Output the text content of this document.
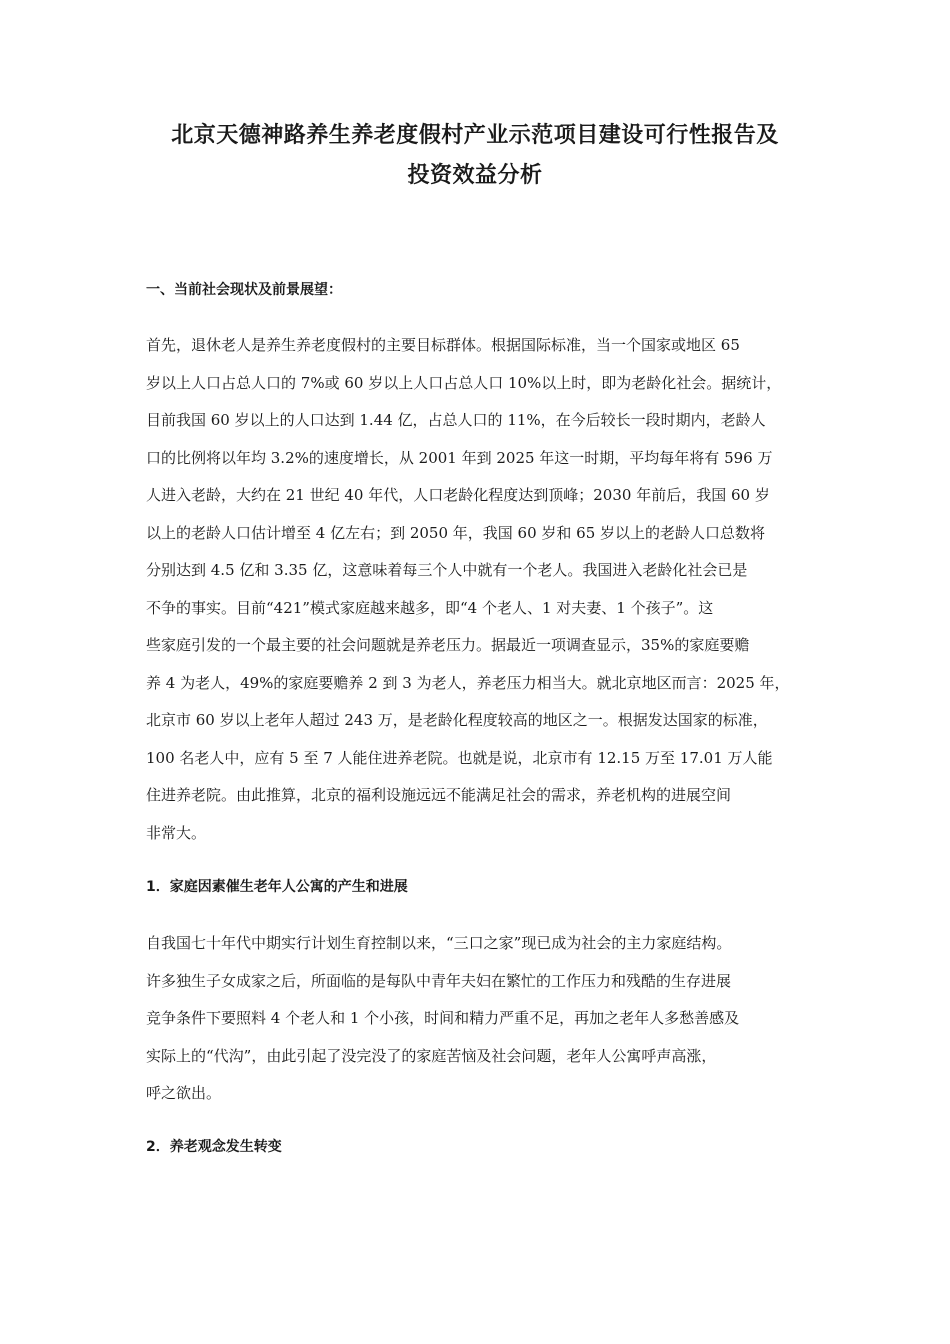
北京天德神路养生养老度假村产业示范项目建设可行性报告及
投资效益分析
一、当前社会现状及前景展望：
首先，退休老人是养生养老度假村的主要目标群体。根据国际标准，当一个国家或地区 65
岁以上人口占总人口的 7%或 60 岁以上人口占总人口 10%以上时，即为老龄化社会。据统计，
目前我国 60 岁以上的人口达到 1.44 亿，占总人口的 11%，在今后较长一段时期内，老龄人
口的比例将以年均 3.2%的速度增长，从 2001 年到 2025 年这一时期，平均每年将有 596 万
人进入老龄，大约在 21 世纪 40 年代，人口老龄化程度达到顶峰；2030 年前后，我国 60 岁
以上的老龄人口估计增至 4 亿左右；到 2050 年，我国 60 岁和 65 岁以上的老龄人口总数将
分别达到 4.5 亿和 3.35 亿，这意味着每三个人中就有一个老人。我国进入老龄化社会已是
不争的事实。目前“421”模式家庭越来越多，即“4 个老人、1 对夫妻、1 个孩子”。这
些家庭引发的一个最主要的社会问题就是养老压力。据最近一项调查显示，35%的家庭要赡
养 4 为老人，49%的家庭要赡养 2 到 3 为老人，养老压力相当大。就北京地区而言：2025 年，
北京市 60 岁以上老年人超过 243 万，是老龄化程度较高的地区之一。根据发达国家的标准，
100 名老人中，应有 5 至 7 人能住进养老院。也就是说，北京市有 12.15 万至 17.01 万人能
住进养老院。由此推算，北京的福利设施远远不能满足社会的需求，养老机构的进展空间
非常大。
1．家庭因素催生老年人公寓的产生和进展
自我国七十年代中期实行计划生育控制以来，“三口之家”现已成为社会的主力家庭结构。
许多独生子女成家之后，所面临的是每队中青年夫妇在繁忙的工作压力和残酷的生存进展
竞争条件下要照料 4 个老人和 1 个小孩，时间和精力严重不足，再加之老年人多愁善感及
实际上的“代沟”，由此引起了没完没了的家庭苦恼及社会问题，老年人公寓呼声高涨，
呼之欲出。
2．养老观念发生转变
